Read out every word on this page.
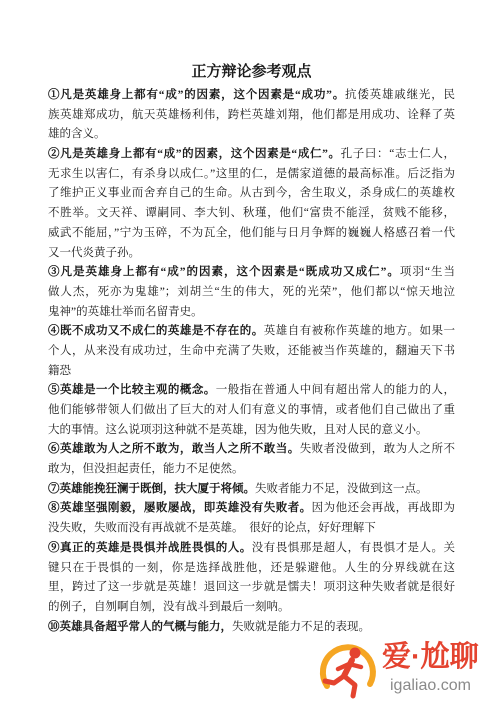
正方辩论参考观点
①凡是英雄身上都有“成”的因素，这个因素是“成功”。抗倭英雄戚继光，民
族英雄郑成功，航天英雄杨利伟，跨栏英雄刘翔，他们都是用成功、诠释了英
雄的含义。
②凡是英雄身上都有“成”的因素，这个因素是“成仁”。孔子曰：“志士仁人，
无求生以害仁，有杀身以成仁。”这里的仁，是儒家道德的最高标准。后泛指为
了维护正义事业而舍弃自己的生命。从古到今，舍生取义，杀身成仁的英雄枚
不胜举。文天祥、谭嗣同、李大钊、秋瑾，他们“富贵不能淫，贫贱不能移，
威武不能屈，”宁为玉碎，不为瓦全，他们能与日月争辉的巍巍人格感召着一代
又一代炎黄子孙。
③凡是英雄身上都有“成”的因素，这个因素是“既成功又成仁”。项羽“生当
做人杰，死亦为鬼雄”；刘胡兰“生的伟大，死的光荣”，他们都以“惊天地泣
鬼神”的英雄壮举而名留青史。
④既不成功又不成仁的英雄是不存在的。英雄自有被称作英雄的地方。如果一
个人，从来没有成功过，生命中充满了失败，还能被当作英雄的，翻遍天下书
籍恐
⑤英雄是一个比较主观的概念。一般指在普通人中间有超出常人的能力的人，
他们能够带领人们做出了巨大的对人们有意义的事情，或者他们自己做出了重
大的事情。这么说项羽这种就不是英雄，因为他失败，且对人民的意义小。
⑥英雄敢为人之所不敢为，敢当人之所不敢当。失败者没做到，敢为人之所不
敢为，但没担起责任，能力不足使然。
⑦英雄能挽狂澜于既倒，扶大厦于将倾。失败者能力不足，没做到这一点。
⑧英雄坚强刚毅，屡败屡战，即英雄没有失败者。因为他还会再战，再战即为
没失败，失败而没有再战就不是英雄。  很好的论点，好好理解下
⑨真正的英雄是畏惧并战胜畏惧的人。没有畏惧那是超人，有畏惧才是人。关
键只在于畏惧的一刻，你是选择战胜他，还是躲避他。人生的分界线就在这
里，跨过了这一步就是英雄！退回这一步就是懦夫！项羽这种失败者就是很好
的例子，自刎啊自刎，没有战斗到最后一刻呐。
⑩英雄具备超乎常人的气概与能力，失败就是能力不足的表现。
爱·尬聊
igaliao.com
